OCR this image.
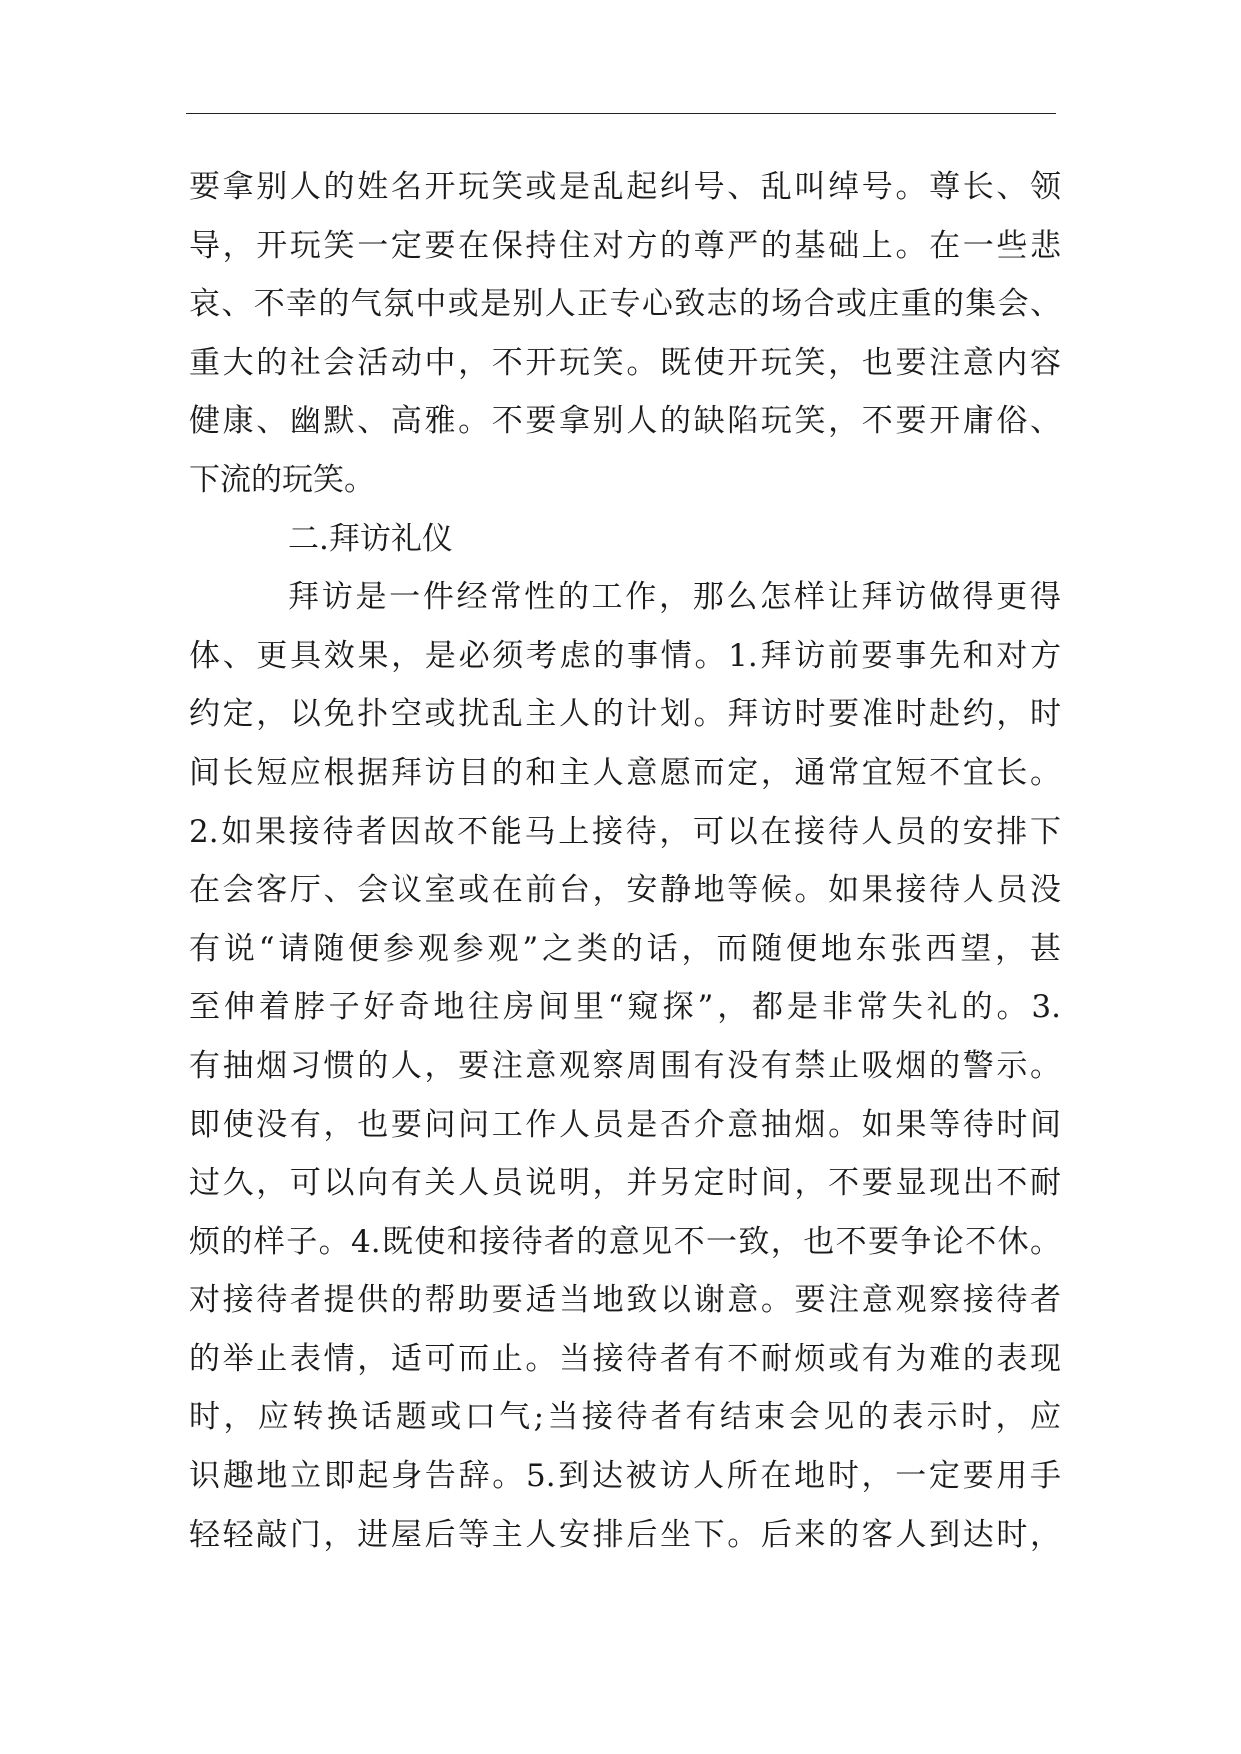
要拿别人的姓名开玩笑或是乱起纠号、乱叫绰号。尊长、领
导，开玩笑一定要在保持住对方的尊严的基础上。在一些悲
哀、不幸的气氛中或是别人正专心致志的场合或庄重的集会、
重大的社会活动中，不开玩笑。既使开玩笑，也要注意内容
健康、幽默、高雅。不要拿别人的缺陷玩笑，不要开庸俗、
下流的玩笑。
二.拜访礼仪
拜访是一件经常性的工作，那么怎样让拜访做得更得
体、更具效果，是必须考虑的事情。1.拜访前要事先和对方
约定，以免扑空或扰乱主人的计划。拜访时要准时赴约，时
间长短应根据拜访目的和主人意愿而定，通常宜短不宜长。
2.如果接待者因故不能马上接待，可以在接待人员的安排下
在会客厅、会议室或在前台，安静地等候。如果接待人员没
有说“请随便参观参观”之类的话，而随便地东张西望，甚
至伸着脖子好奇地往房间里“窥探”，都是非常失礼的。3.
有抽烟习惯的人，要注意观察周围有没有禁止吸烟的警示。
即使没有，也要问问工作人员是否介意抽烟。如果等待时间
过久，可以向有关人员说明，并另定时间，不要显现出不耐
烦的样子。4.既使和接待者的意见不一致，也不要争论不休。
对接待者提供的帮助要适当地致以谢意。要注意观察接待者
的举止表情，适可而止。当接待者有不耐烦或有为难的表现
时，应转换话题或口气;当接待者有结束会见的表示时，应
识趣地立即起身告辞。5.到达被访人所在地时，一定要用手
轻轻敲门，进屋后等主人安排后坐下。后来的客人到达时，
